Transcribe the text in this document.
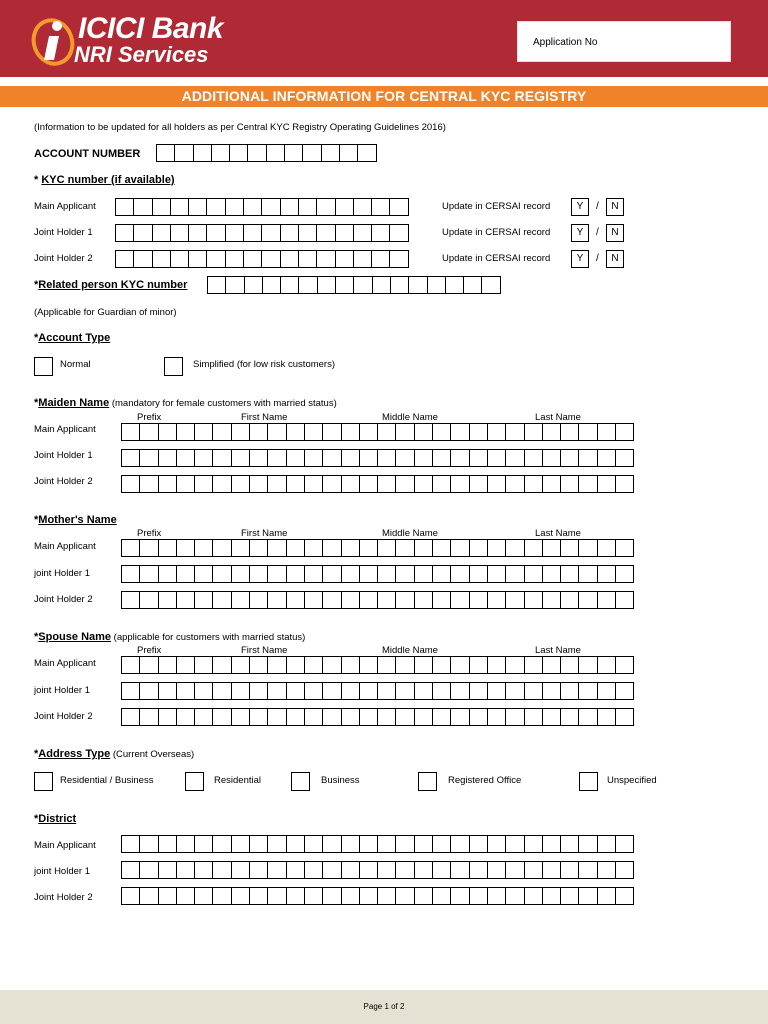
ICICI Bank
NRI Services	Application No
ADDITIONAL INFORMATION FOR CENTRAL KYC REGISTRY
(Information to be updated for all holders as per Central KYC Registry Operating Guidelines 2016)
ACCOUNT NUMBER
* KYC number (if available)
Main Applicant	Update in CERSAI record	Y	/	N
Joint Holder 1	Update in CERSAI record	Y	/	N
Joint Holder 2	Update in CERSAI record	Y	/	N
*Related person KYC number
(Applicable for Guardian of minor)
*Account Type
Normal	Simplified (for low risk customers)
*Maiden Name (mandatory for female customers with married status)
Prefix	First Name	Middle Name	Last Name
Main Applicant
Joint Holder 1
Joint Holder 2
*Mother's Name
Prefix	First Name	Middle Name	Last Name
Main Applicant
joint Holder 1
Joint Holder 2
*Spouse Name (applicable for customers with married status)
Prefix	First Name	Middle Name	Last Name
Main Applicant
joint Holder 1
Joint Holder 2
*Address Type (Current Overseas)
Residential / Business	Residential	Business	Registered Office	Unspecified
*District
Main Applicant
joint Holder 1
Joint Holder 2
Page 1 of 2
